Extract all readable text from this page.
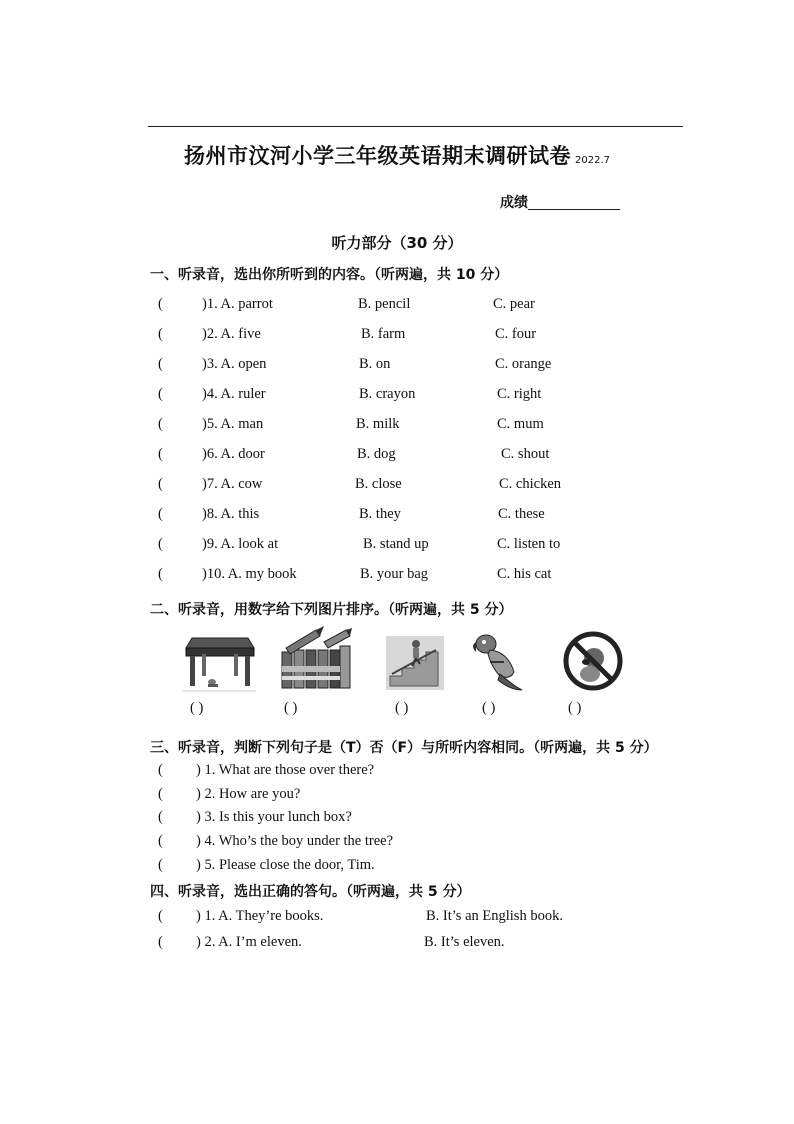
扬州市汶河小学三年级英语期末调研试卷 2022.7
成绩
听力部分（30 分）
一、听录音，选出你所听到的内容。（听两遍，共 10 分）
(	)1. A. parrot	B. pencil	C. pear
(	)2. A. five	B. farm	C. four
(	)3. A. open	B. on	C. orange
(	)4. A. ruler	B. crayon	C. right
(	)5. A. man	B. milk	C. mum
(	)6. A. door	B. dog	C. shout
(	)7. A. cow	B. close	C. chicken
(	)8. A. this	B. they	C. these
(	)9. A. look at	B. stand up	C. listen to
(	)10. A. my book	B. your bag	C. his cat
二、听录音，用数字给下列图片排序。（听两遍，共 5 分）
( )	( )	( )	( )	( )
三、听录音，判断下列句子是（T）否（F）与所听内容相同。（听两遍，共 5 分）
( ) 1. What are those over there?
( ) 2. How are you?
( ) 3. Is this your lunch box?
( ) 4. Who’s the boy under the tree?
( ) 5. Please close the door, Tim.
四、听录音，选出正确的答句。（听两遍，共 5 分）
( ) 1. A. They’re books.	B. It’s an English book.
( ) 2. A. I’m eleven.	B. It’s eleven.
